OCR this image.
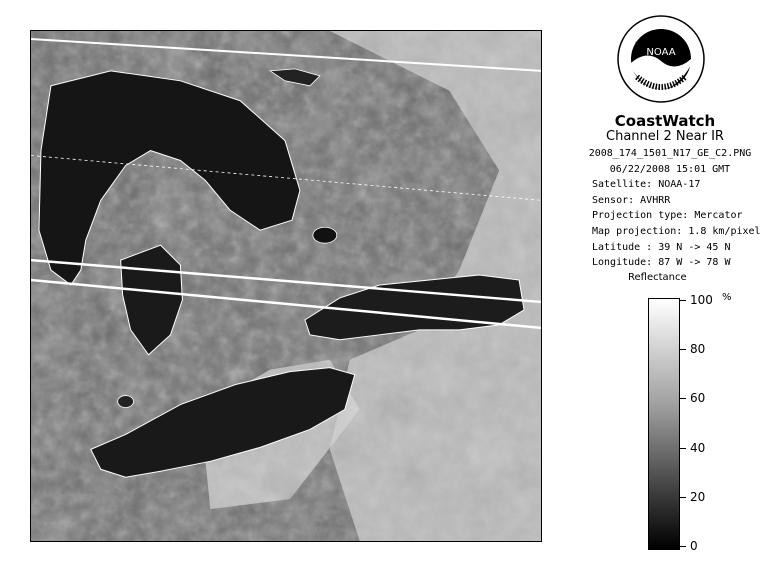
NOAA
CoastWatch
Channel 2 Near IR
2008_174_1501_N17_GE_C2.PNG
06/22/2008 15:01 GMT
Satellite: NOAA-17
Sensor: AVHRR
Projection type: Mercator
Map projection: 1.8 km/pixel
Latitude : 39 N -> 45 N
Longitude: 87 W -> 78 W
Reflectance
%
100
80
60
40
20
0
